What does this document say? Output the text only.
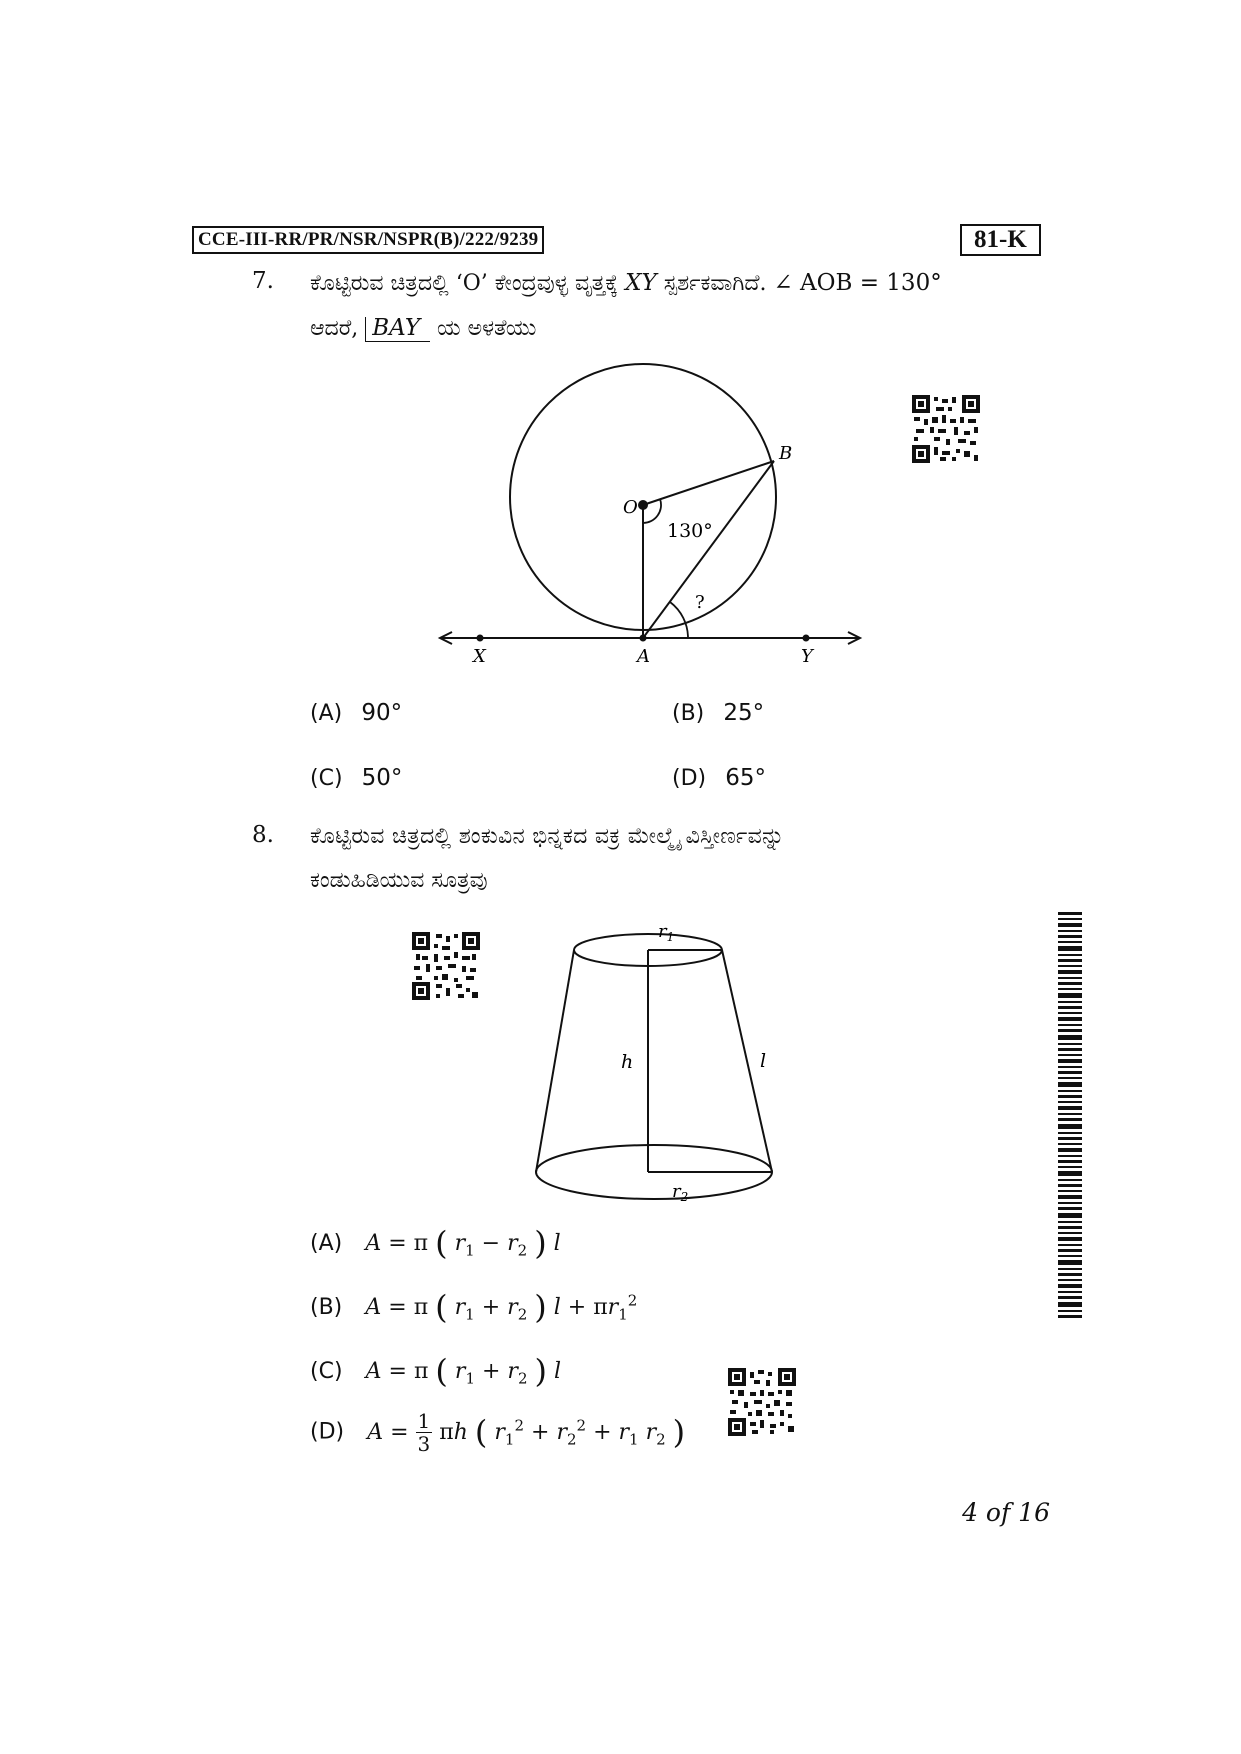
CCE-III-RR/PR/NSR/NSPR(B)/222/9239	81-K
7. ಕೊಟ್ಟಿರುವ ಚಿತ್ರದಲ್ಲಿ ‘O’ ಕೇಂದ್ರವುಳ್ಳ ವೃತ್ತಕ್ಕೆ XY ಸ್ಪರ್ಶಕವಾಗಿದೆ. ∠ AOB = 130°
ಆದರೆ, BAY ಯ ಅಳತೆಯು
O
B
A
X	Y
130°
?
(A) 90°	(B) 25°
(C) 50°	(D) 65°
8. ಕೊಟ್ಟಿರುವ ಚಿತ್ರದಲ್ಲಿ ಶಂಕುವಿನ ಭಿನ್ನಕದ ವಕ್ರ ಮೇಲ್ಮೈ ವಿಸ್ತೀರ್ಣವನ್ನು
ಕಂಡುಹಿಡಿಯುವ ಸೂತ್ರವು
$r_1$
$r_2$
h	l
(A) A = π ( $r_1 - r_2$ ) l
(B) A = π ( $r_1 + r_2$ ) $l + \pi r_1^2$
(C) A = π ( $r_1 + r_2$ ) l
(D) $A = \frac{1}{3}$ πh ( $r_1^2 + r_2^2 + r_1$ $r_2$ )
4 of 16
